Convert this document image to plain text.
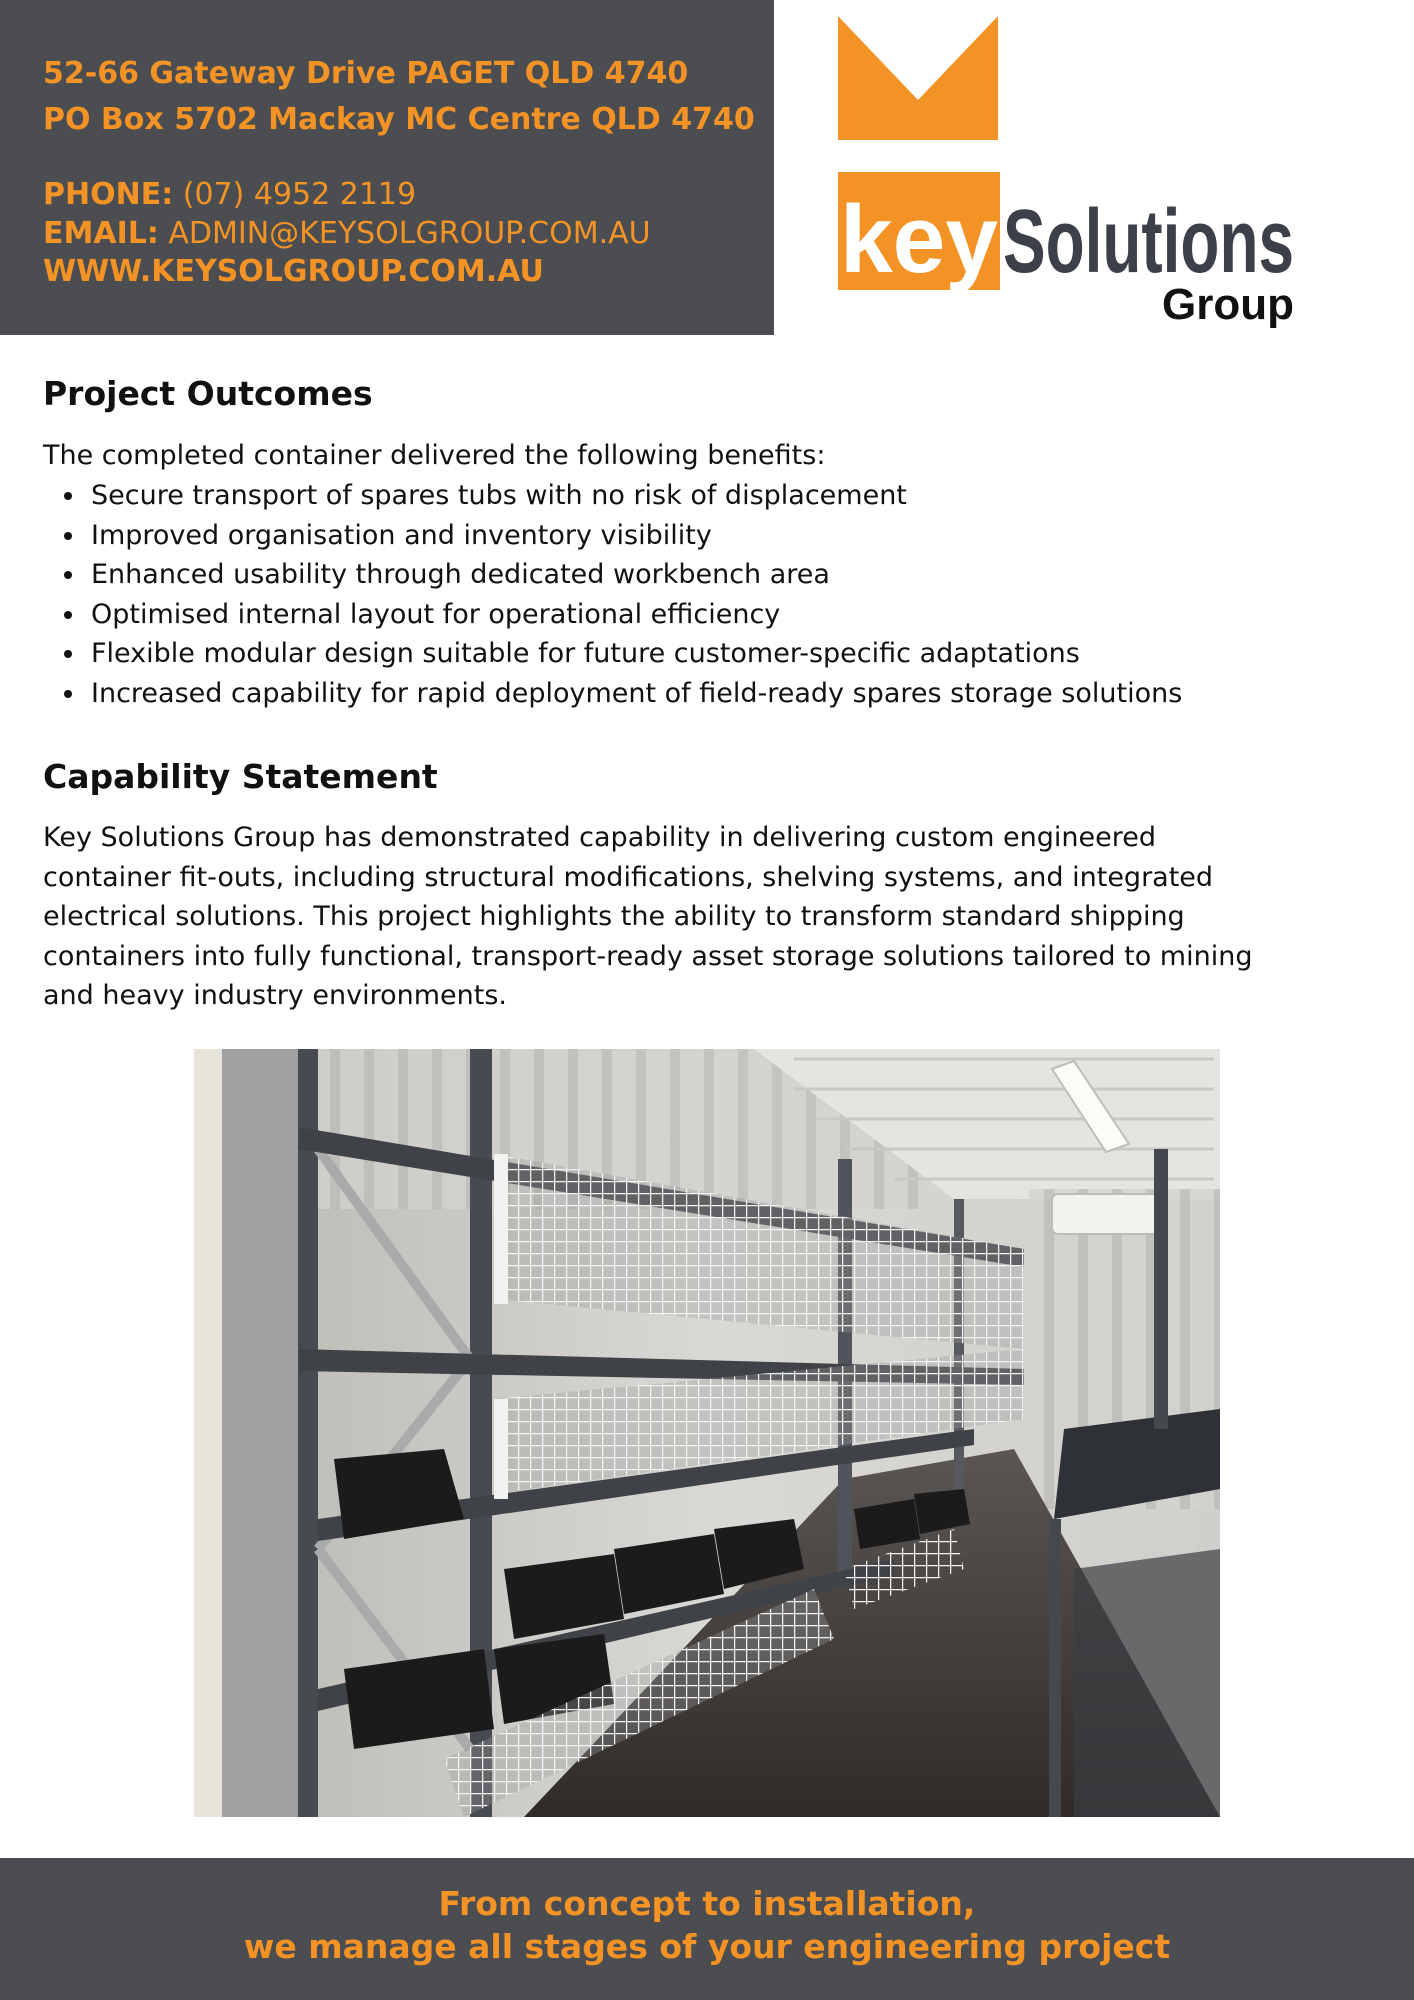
52-66 Gateway Drive PAGET QLD 4740
PO Box 5702 Mackay MC Centre QLD 4740
PHONE: (07) 4952 2119
EMAIL: ADMIN@KEYSOLGROUP.COM.AU
WWW.KEYSOLGROUP.COM.AU	key Solutions
Group
Project Outcomes
The completed container delivered the following benefits:
Secure transport of spares tubs with no risk of displacement
Improved organisation and inventory visibility
Enhanced usability through dedicated workbench area
Optimised internal layout for operational efficiency
Flexible modular design suitable for future customer-specific adaptations
Increased capability for rapid deployment of field-ready spares storage solutions
Capability Statement

Key Solutions Group has demonstrated capability in delivering custom engineered
container fit-outs, including structural modifications, shelving systems, and integrated
electrical solutions. This project highlights the ability to transform standard shipping
containers into fully functional, transport-ready asset storage solutions tailored to mining
and heavy industry environments.

From concept to installation,
we manage all stages of your engineering project
